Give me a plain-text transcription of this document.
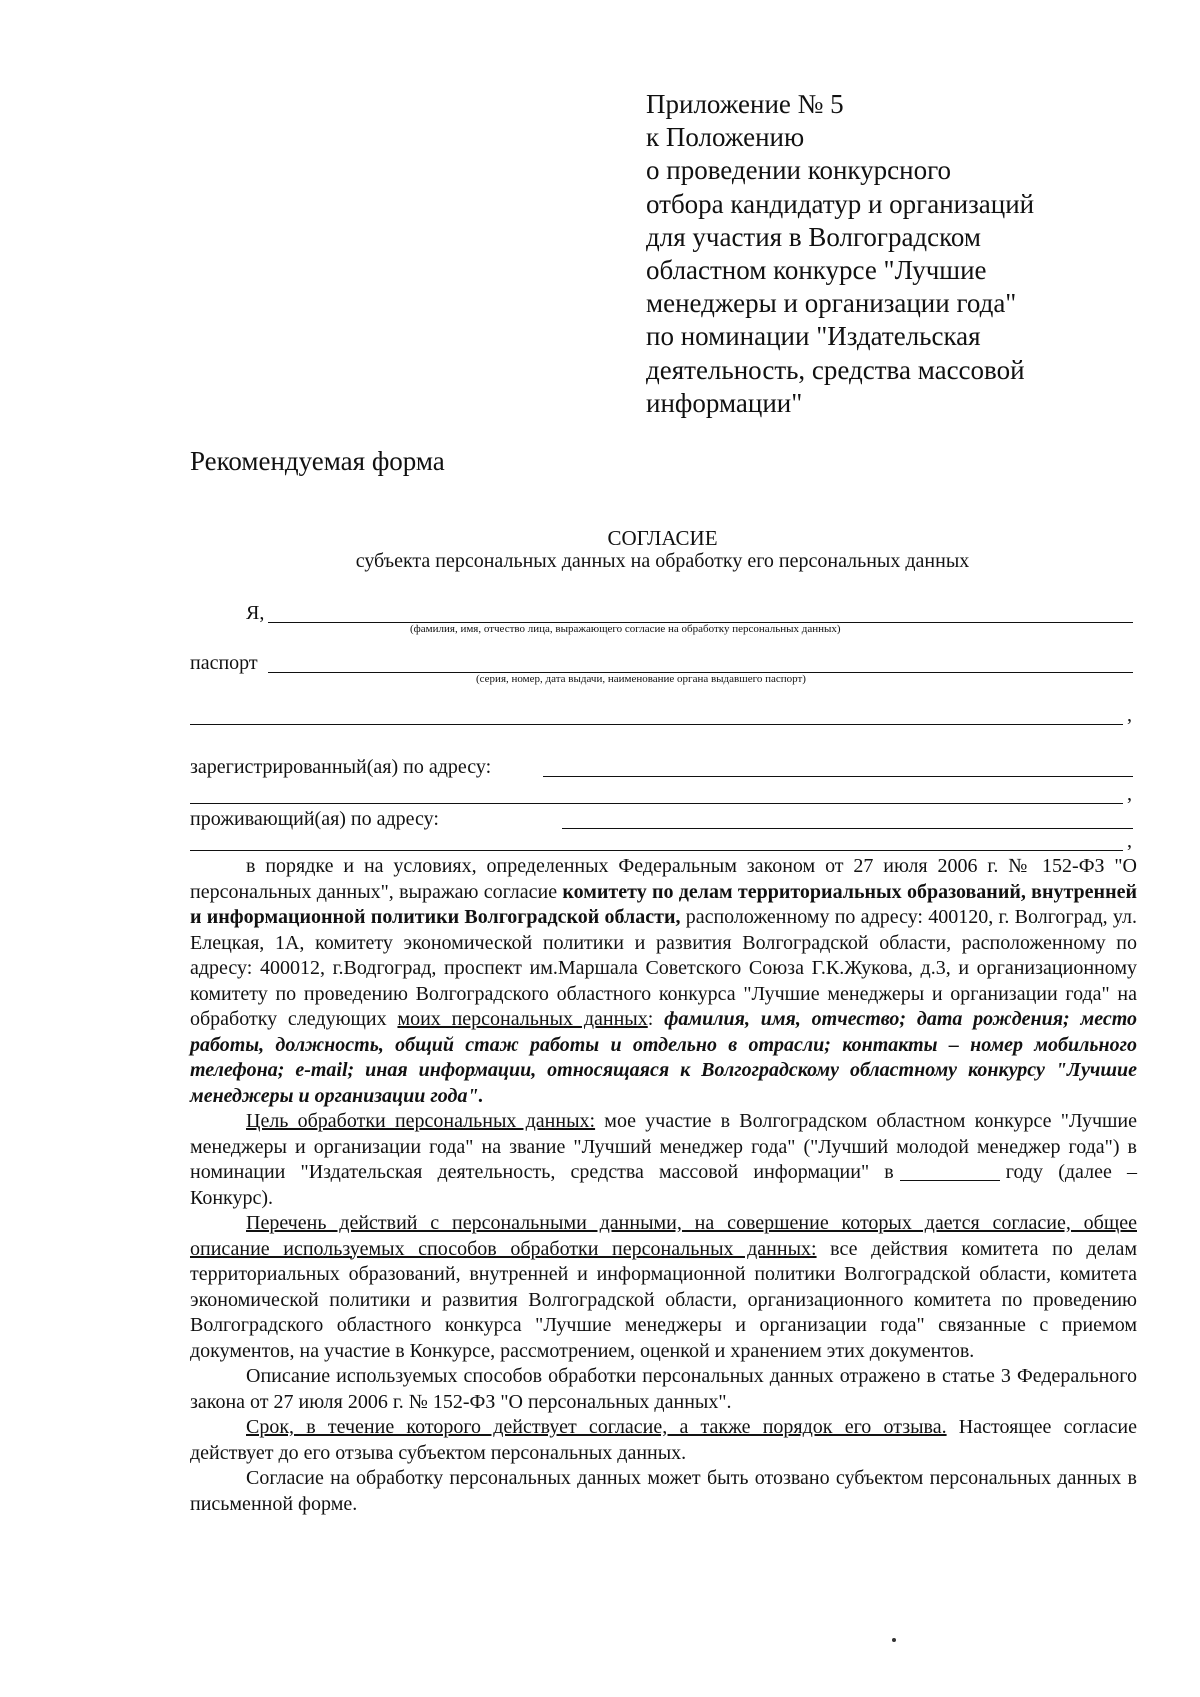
Приложение № 5
к Положению
о проведении конкурсного
отбора кандидатур и организаций
для участия в Волгоградском
областном конкурсе "Лучшие
менеджеры и организации года"
по номинации "Издательская
деятельность, средства массовой
информации"
Рекомендуемая форма
СОГЛАСИЕ
субъекта персональных данных на обработку его персональных данных
Я,
(фамилия, имя, отчество лица, выражающего согласие на обработку персональных данных)
паспорт
(серия, номер, дата выдачи, наименование органа выдавшего паспорт)
,
зарегистрированный(ая) по адресу:
,
проживающий(ая) по адресу:
,

в порядке и на условиях, определенных Федеральным законом от 27 июля 2006 г. № 152-ФЗ "О персональных данных", выражаю согласие комитету по делам территориальных образований, внутренней и информационной политики Волгоградской области, расположенному по адресу: 400120, г. Волгоград, ул. Елецкая, 1А, комитету экономической политики и развития Волгоградской области, расположенному по адресу: 400012, г.Водгоград, проспект им.Маршала Советского Союза Г.К.Жукова, д.3, и организационному комитету по проведению Волгоградского областного конкурса "Лучшие менеджеры и организации года" на обработку следующих моих персональных данных: фамилия, имя, отчество; дата рождения; место работы, должность, общий стаж работы и отдельно в отрасли; контакты – номер мобильного телефона; e-mail; иная информации, относящаяся к Волгоградскому областному конкурсу "Лучшие менеджеры и организации года".

Цель обработки персональных данных: мое участие в Волгоградском областном конкурсе "Лучшие менеджеры и организации года" на звание "Лучший менеджер года" ("Лучший молодой менеджер года") в номинации "Издательская деятельность, средства массовой информации" в	году (далее – Конкурс).

Перечень действий с персональными данными, на совершение которых дается согласие, общее описание используемых способов обработки персональных данных: все действия комитета по делам территориальных образований, внутренней и информационной политики Волгоградской области, комитета экономической политики и развития Волгоградской области, организационного комитета по проведению Волгоградского областного конкурса "Лучшие менеджеры и организации года" связанные с приемом документов, на участие в Конкурсе, рассмотрением, оценкой и хранением этих документов.

Описание используемых способов обработки персональных данных отражено в статье 3 Федерального закона от 27 июля 2006 г. № 152-ФЗ "О персональных данных".

Срок, в течение которого действует согласие, а также порядок его отзыва. Настоящее согласие действует до его отзыва субъектом персональных данных.

Согласие на обработку персональных данных может быть отозвано субъектом персональных данных в письменной форме.
